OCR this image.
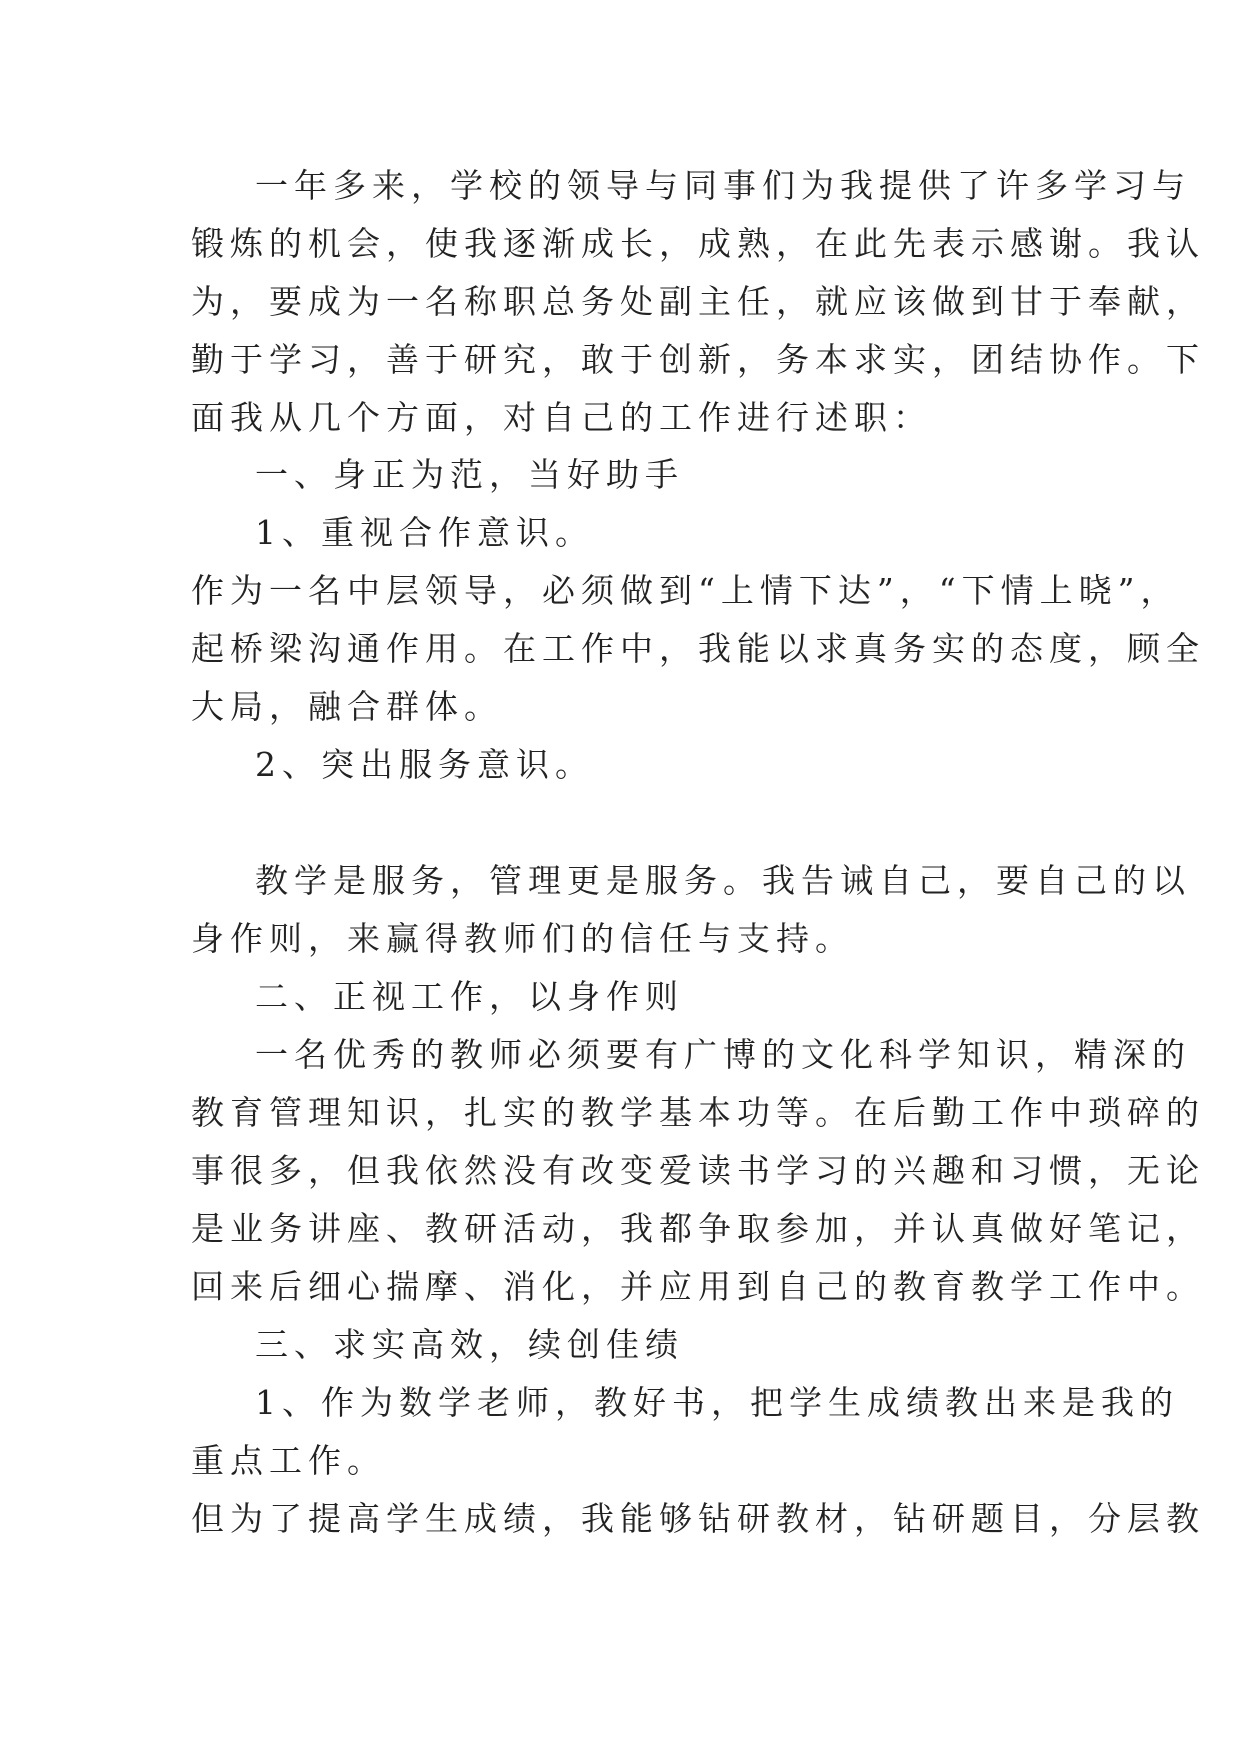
一年多来，学校的领导与同事们为我提供了许多学习与
锻炼的机会，使我逐渐成长，成熟，在此先表示感谢。我认
为，要成为一名称职总务处副主任，就应该做到甘于奉献，
勤于学习，善于研究，敢于创新，务本求实，团结协作。下
面我从几个方面，对自己的工作进行述职：
一、身正为范，当好助手
1、重视合作意识。
作为一名中层领导，必须做到“上情下达”，“下情上晓”，
起桥梁沟通作用。在工作中，我能以求真务实的态度，顾全
大局，融合群体。
2、突出服务意识。
教学是服务，管理更是服务。我告诫自己，要自己的以
身作则，来赢得教师们的信任与支持。
二、正视工作，以身作则
一名优秀的教师必须要有广博的文化科学知识，精深的
教育管理知识，扎实的教学基本功等。在后勤工作中琐碎的
事很多，但我依然没有改变爱读书学习的兴趣和习惯，无论
是业务讲座、教研活动，我都争取参加，并认真做好笔记，
回来后细心揣摩、消化，并应用到自己的教育教学工作中。
三、求实高效，续创佳绩
1、作为数学老师，教好书，把学生成绩教出来是我的
重点工作。
但为了提高学生成绩，我能够钻研教材，钻研题目，分层教
